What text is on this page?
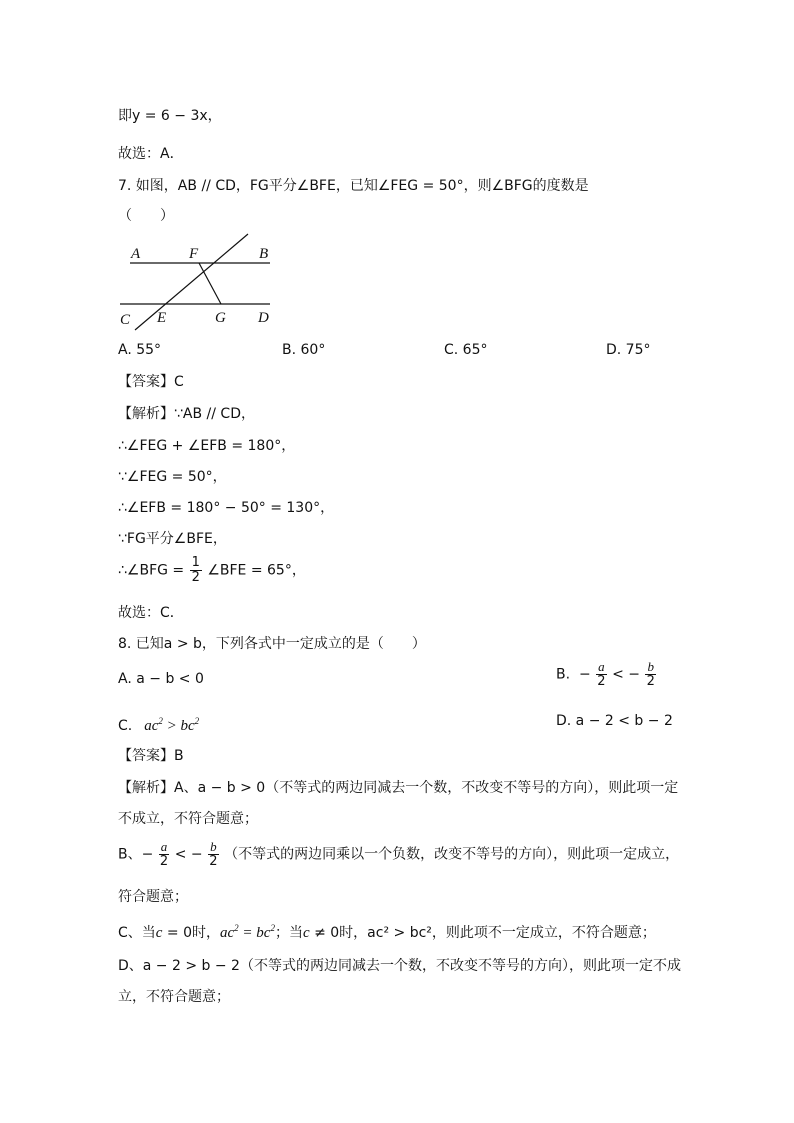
即y = 6 − 3x，
故选：A．
7. 如图，AB // CD，FG平分∠BFE，已知∠FEG = 50°，则∠BFG的度数是
（　　）
A	F	B
C E	G D
A. 55°	B. 60°	C. 65°	D. 75°
【答案】C
【解析】∵AB // CD，
∴∠FEG + ∠EFB = 180°，
∵∠FEG = 50°，
∴∠EFB = 180° − 50° = 130°，
∵FG平分∠BFE，
∴∠BFG = $\frac{1}{2}$ ∠BFE = 65°，
故选：C．
8. 已知a > b，下列各式中一定成立的是（　　）
A. a − b < 0	B.  − $\frac{a}{2}$ < − $\frac{b}{2}$
C.   $ac^2 > bc^2$	D. a − 2 < b − 2
【答案】B
【解析】A、a − b > 0（不等式的两边同减去一个数，不改变不等号的方向），则此项一定
不成立，不符合题意；
B、− $\frac{a}{2}$ < − $\frac{b}{2}$ （不等式的两边同乘以一个负数，改变不等号的方向），则此项一定成立，
符合题意；
C、当c = 0时，$ac^2 = bc^2$；当c ≠ 0时，ac² > bc²，则此项不一定成立，不符合题意；
D、a − 2 > b − 2（不等式的两边同减去一个数，不改变不等号的方向），则此项一定不成
立，不符合题意；
